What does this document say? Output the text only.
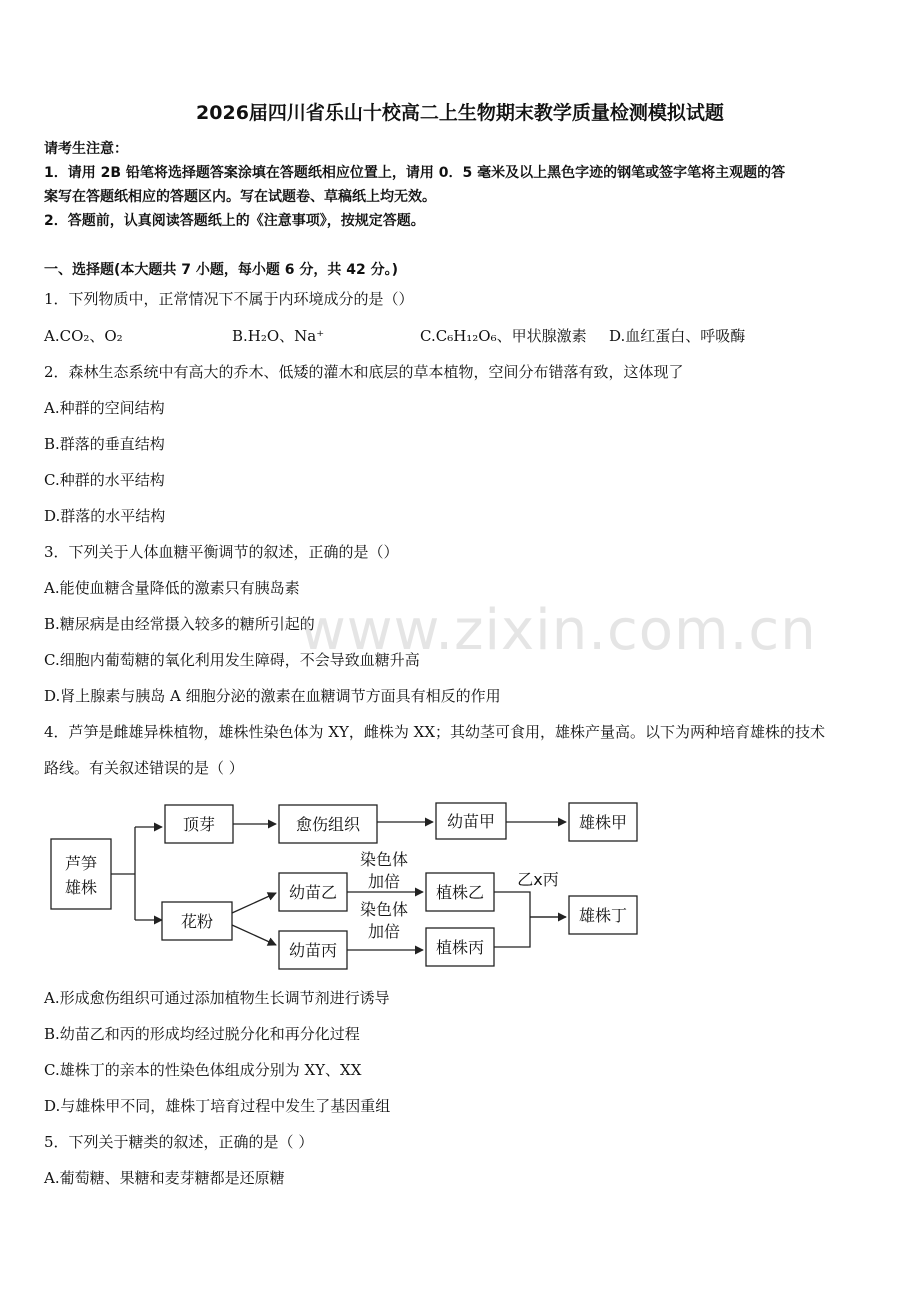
2026届四川省乐山十校高二上生物期末教学质量检测模拟试题
请考生注意：
1．请用 2B 铅笔将选择题答案涂填在答题纸相应位置上，请用 0．5 毫米及以上黑色字迹的钢笔或签字笔将主观题的答
案写在答题纸相应的答题区内。写在试题卷、草稿纸上均无效。
2．答题前，认真阅读答题纸上的《注意事项》，按规定答题。
一、选择题(本大题共 7 小题，每小题 6 分，共 42 分。)
1．下列物质中，正常情况下不属于内环境成分的是（）
A.CO₂、O₂	B.H₂O、Na⁺	C.C₆H₁₂O₆、甲状腺激素 D.血红蛋白、呼吸酶
2．森林生态系统中有高大的乔木、低矮的灌木和底层的草本植物，空间分布错落有致，这体现了
A.种群的空间结构
B.群落的垂直结构
C.种群的水平结构
D.群落的水平结构
3．下列关于人体血糖平衡调节的叙述，正确的是（）
A.能使血糖含量降低的激素只有胰岛素
B.糖尿病是由经常摄入较多的糖所引起的
C.细胞内葡萄糖的氧化利用发生障碍，不会导致血糖升高
D.肾上腺素与胰岛 A 细胞分泌的激素在血糖调节方面具有相反的作用
4．芦笋是雌雄异株植物，雄株性染色体为 XY，雌株为 XX；其幼茎可食用，雄株产量高。以下为两种培育雄株的技术
路线。有关叙述错误的是（ ）
芦笋
雄株
顶芽	愈伤组织	幼苗甲	雄株甲
花粉
幼苗乙
幼苗丙
染色体
加倍
染色体
加倍
植株乙
植株丙
乙x丙
雄株丁
A.形成愈伤组织可通过添加植物生长调节剂进行诱导
B.幼苗乙和丙的形成均经过脱分化和再分化过程
C.雄株丁的亲本的性染色体组成分别为 XY、XX
D.与雄株甲不同，雄株丁培育过程中发生了基因重组
5．下列关于糖类的叙述，正确的是（ ）
A.葡萄糖、果糖和麦芽糖都是还原糖
www.zixin.com.cn
